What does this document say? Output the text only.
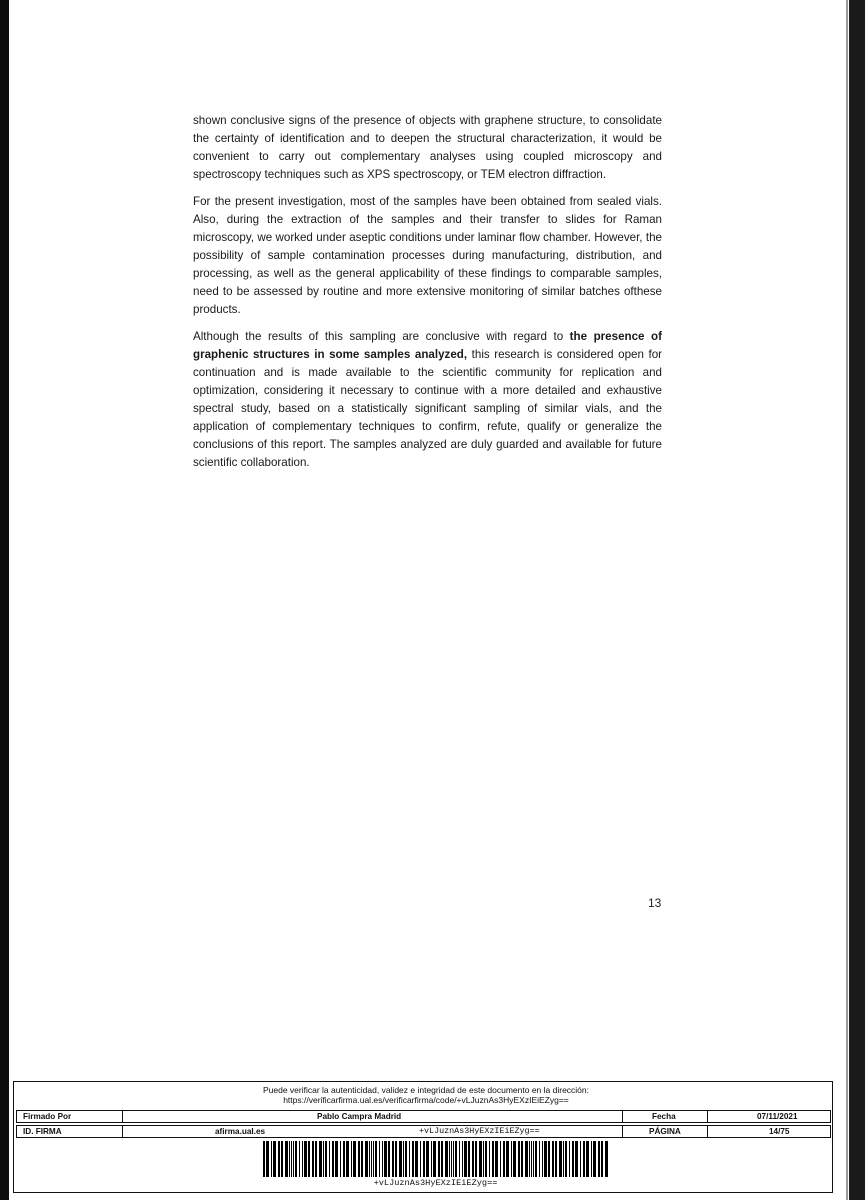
shown conclusive signs of the presence of objects with graphene structure, to consolidate the certainty of identification and to deepen the structural characterization, it would be convenient to carry out complementary analyses using coupled microscopy and spectroscopy techniques such as XPS spectroscopy, or TEM electron diffraction.

For the present investigation, most of the samples have been obtained from sealed vials. Also, during the extraction of the samples and their transfer to slides for Raman microscopy, we worked under aseptic conditions under laminar flow chamber. However, the possibility of sample contamination processes during manufacturing, distribution, and processing, as well as the general applicability of these findings to comparable samples, need to be assessed by routine and more extensive monitoring of similar batches ofthese products.

Although the results of this sampling are conclusive with regard to the presence of graphenic structures in some samples analyzed, this research is considered open for continuation and is made available to the scientific community for replication and optimization, considering it necessary to continue with a more detailed and exhaustive spectral study, based on a statistically significant sampling of similar vials, and the application of complementary techniques to confirm, refute, qualify or generalize the conclusions of this report. The samples analyzed are duly guarded and available for future scientific collaboration.

13
Puede verificar la autenticidad, validez e integridad de este documento en la dirección:
https://verificarfirma.ual.es/verificarfirma/code/+vLJuznAs3HyEXzIEiEZyg==
Firmado Por	Pablo Campra Madrid	Fecha	07/11/2021
ID. FIRMA	afirma.ual.es	+vLJuznAs3HyEXzIEiEZyg==	PÁGINA	14/75
+vLJuznAs3HyEXzIEiEZyg==
